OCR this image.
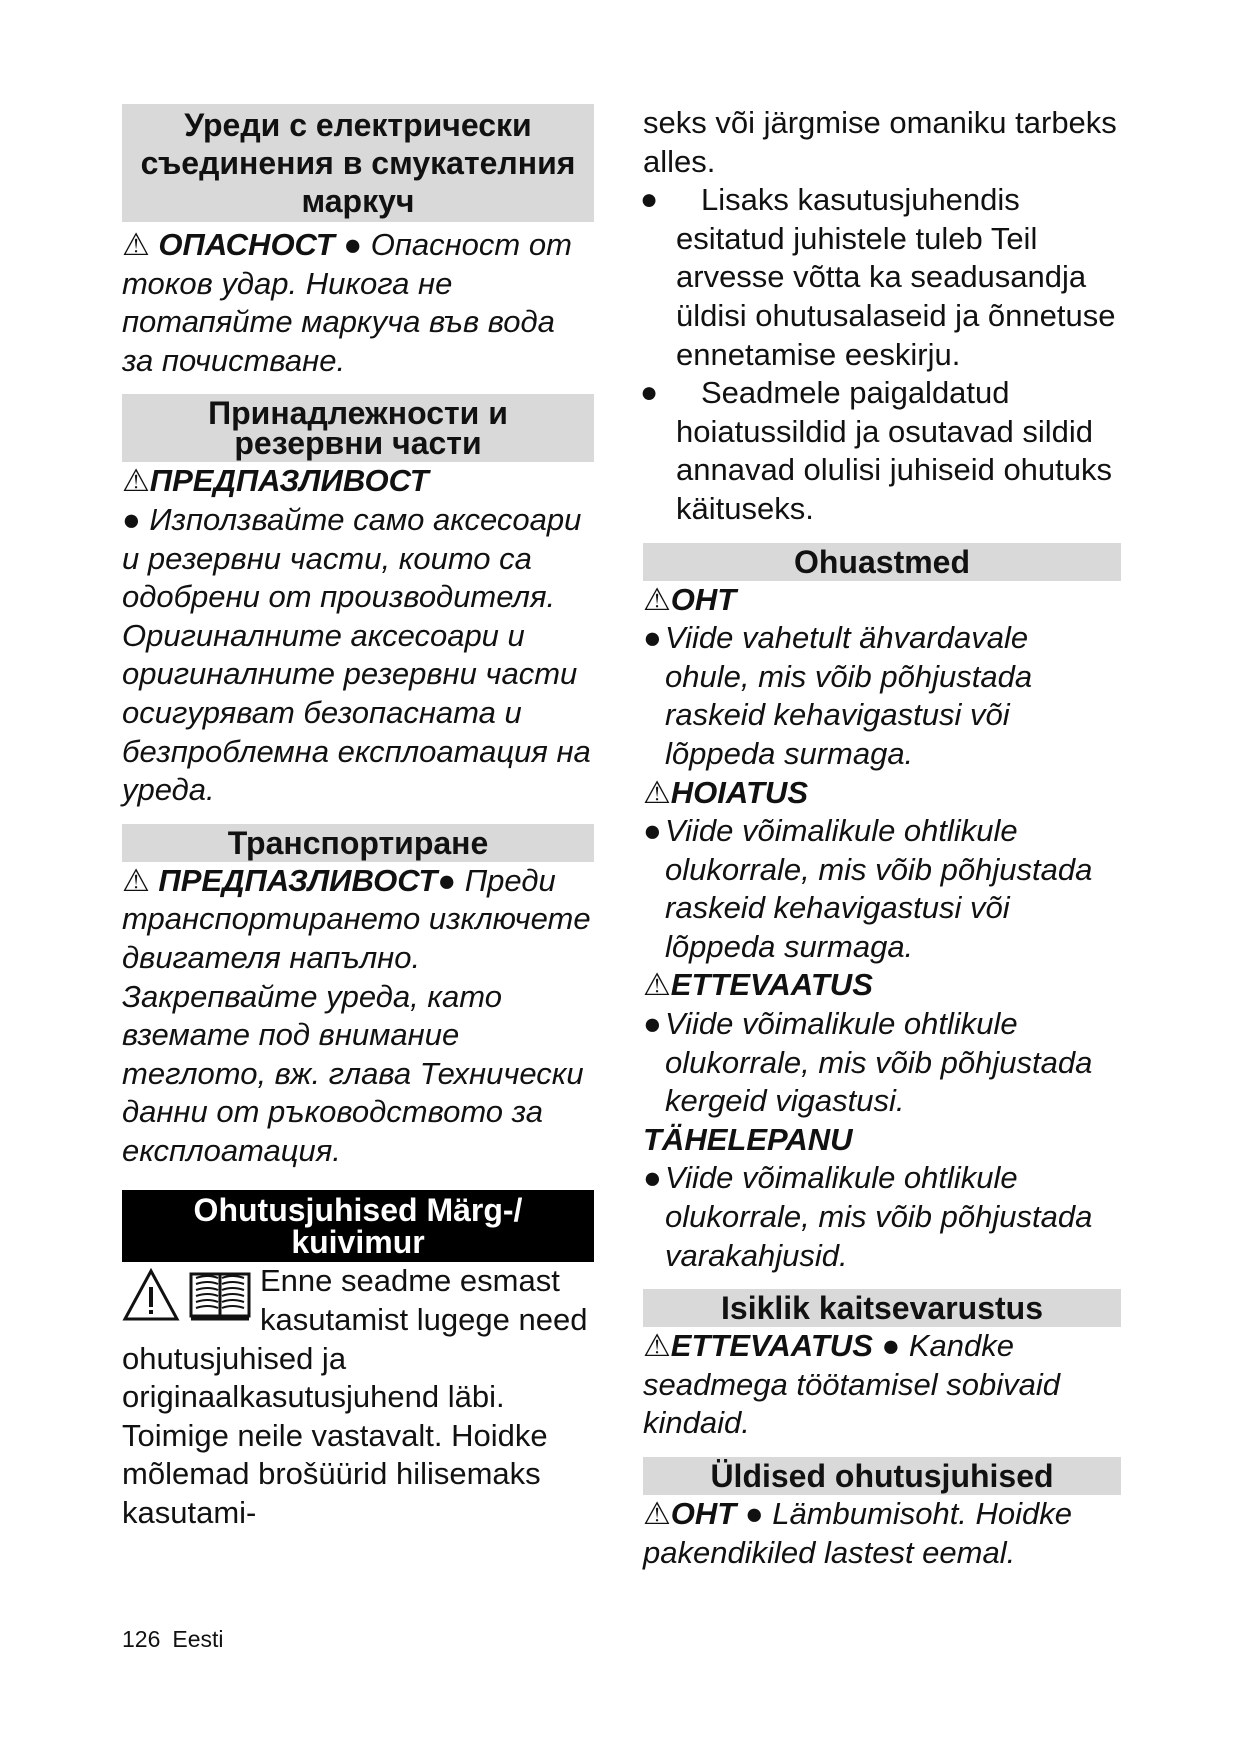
Уреди с електрически съединения в смукателния маркуч

⚠ ОПАСНОСТ ● Опасност от токов удар. Никога не потапяйте маркуча във вода за почистване.

Принадлежности и резервни части

⚠ПРЕДПАЗЛИВОСТ
● Използвайте само аксесоари и резервни части, които са одобрени от производителя. Оригиналните аксесоари и оригиналните резервни части осигуряват безопасната и безпроблемна експлоатация на уреда.

Транспортиране

⚠ ПРЕДПАЗЛИВОСТ● Преди транспортирането изключете двигателя напълно. Закрепвайте уреда, като вземате под внимание теглото, вж. глава Технически данни от ръководството за експлоатация.

Ohutusjuhised Märg-/ kuivimur

Enne seadme esmast kasutamist lugege need ohutusjuhised ja originaalkasutusjuhend läbi. Toimige neile vastavalt. Hoidke mõlemad brošüürid hilisemaks kasutami-

seks või järgmise omaniku tarbeks alles.

●	Lisaks kasutusjuhendis esitatud juhistele tuleb Teil arvesse võtta ka seadusandja üldisi ohutusalaseid ja õnnetuse ennetamise eeskirju.
●	Seadmele paigaldatud hoiatussildid ja osutavad sildid annavad olulisi juhiseid ohutuks käituseks.
Ohuastmed

⚠OHT

● Viide vahetult ähvardavale ohule, mis võib põhjustada raskeid kehavigastusi või lõppeda surmaga.

⚠HOIATUS

● Viide võimalikule ohtlikule olukorrale, mis võib põhjustada raskeid kehavigastusi või lõppeda surmaga.

⚠ETTEVAATUS

● Viide võimalikule ohtlikule olukorrale, mis võib põhjustada kergeid vigastusi.

TÄHELEPANU

● Viide võimalikule ohtlikule olukorrale, mis võib põhjustada varakahjusid.
Isiklik kaitsevarustus

⚠ETTEVAATUS ● Kandke seadmega töötamisel sobivaid kindaid.

Üldised ohutusjuhised

⚠OHT ● Lämbumisoht. Hoidke pakendikiled lastest eemal.

126 Eesti
